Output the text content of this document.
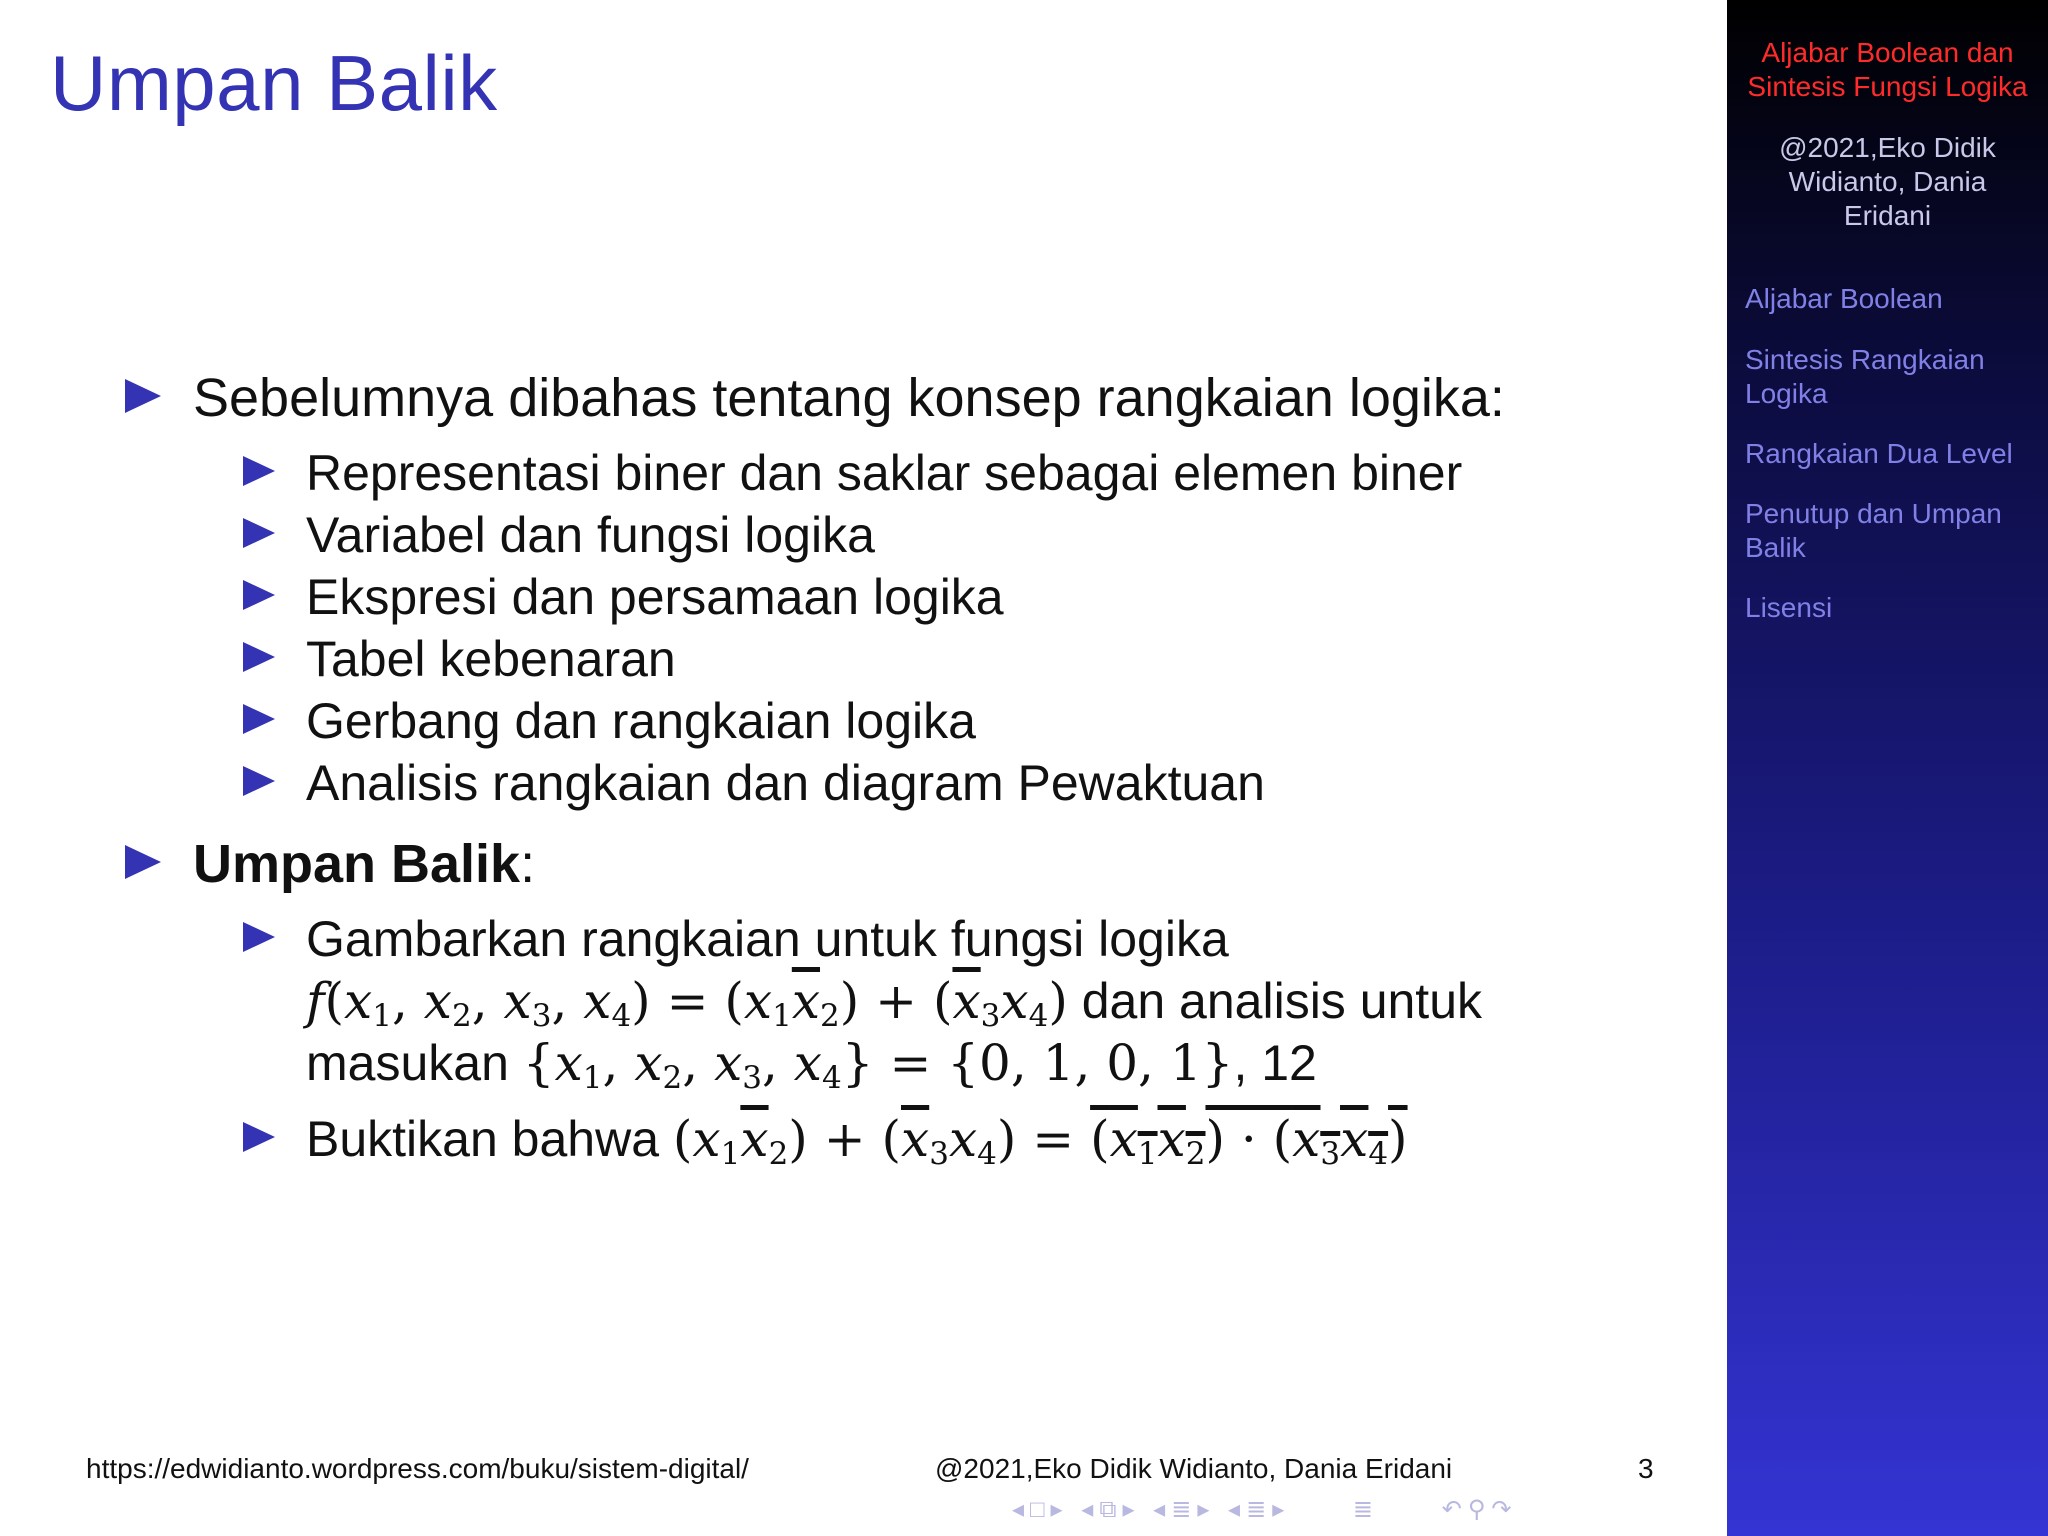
Umpan Balik
Sebelumnya dibahas tentang konsep rangkaian logika:
Representasi biner dan saklar sebagai elemen biner
Variabel dan fungsi logika
Ekspresi dan persamaan logika
Tabel kebenaran
Gerbang dan rangkaian logika
Analisis rangkaian dan diagram Pewaktuan
Umpan Balik:
Gambarkan rangkaian untuk fungsi logika
$f(x_1$, $x_2$, $x_3$, $x_4) = (x_1\overline{x}_2) + (\overline{x}_3x_4)$ dan analisis untuk
masukan {$x_1$, $x_2$, $x_3$, $x_4\} = \{0$, 1, 0, 1}, 12
Buktikan bahwa $(x_1\overline{x}_2) + (\overline{x}_3x_4) = (x_1x_2) \cdot (x_3x_4)$
https://edwidianto.wordpress.com/buku/sistem-digital/	@2021,Eko Didik Widianto, Dania Eridani	3
◂□▸ ◂⧉▸ ◂≣▸ ◂≣▸	≣	↶⚲↷
Aljabar Boolean dan Sintesis Fungsi Logika
@2021,Eko Didik Widianto, Dania Eridani
Aljabar Boolean
Sintesis Rangkaian Logika
Rangkaian Dua Level
Penutup dan Umpan Balik
Lisensi
